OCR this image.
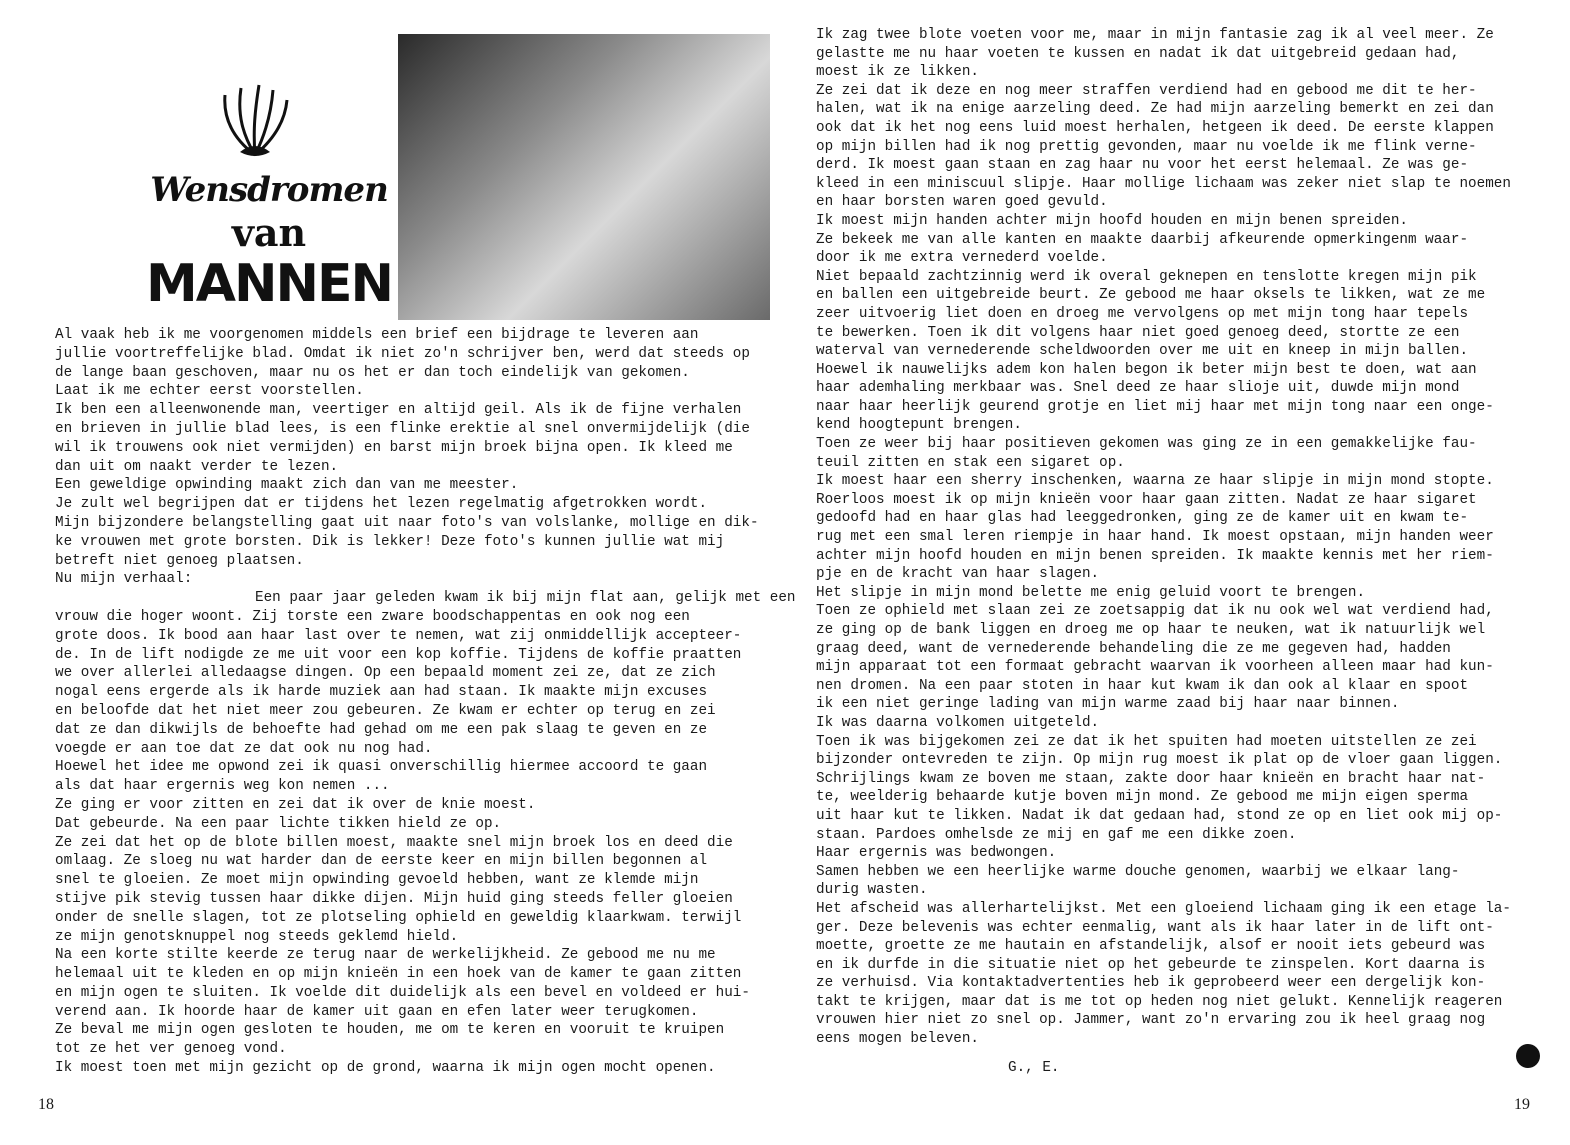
Wensdromen
van
MANNEN
Al vaak heb ik me voorgenomen middels een brief een bijdrage te leveren aan
jullie voortreffelijke blad. Omdat ik niet zo'n schrijver ben, werd dat steeds op
de lange baan geschoven, maar nu os het er dan toch eindelijk van gekomen.
Laat ik me echter eerst voorstellen.
Ik ben een alleenwonende man, veertiger en altijd geil. Als ik de fijne verhalen
en brieven in jullie blad lees, is een flinke erektie al snel onvermijdelijk (die
wil ik trouwens ook niet vermijden) en barst mijn broek bijna open. Ik kleed me
dan uit om naakt verder te lezen.
Een geweldige opwinding maakt zich dan van me meester.
Je zult wel begrijpen dat er tijdens het lezen regelmatig afgetrokken wordt.
Mijn bijzondere belangstelling gaat uit naar foto's van volslanke, mollige en dik-
ke vrouwen met grote borsten. Dik is lekker! Deze foto's kunnen jullie wat mij
betreft niet genoeg plaatsen.
Nu mijn verhaal:
Een paar jaar geleden kwam ik bij mijn flat aan, gelijk met een
vrouw die hoger woont. Zij torste een zware boodschappentas en ook nog een
grote doos. Ik bood aan haar last over te nemen, wat zij onmiddellijk accepteer-
de. In de lift nodigde ze me uit voor een kop koffie. Tijdens de koffie praatten
we over allerlei alledaagse dingen. Op een bepaald moment zei ze, dat ze zich
nogal eens ergerde als ik harde muziek aan had staan. Ik maakte mijn excuses
en beloofde dat het niet meer zou gebeuren. Ze kwam er echter op terug en zei
dat ze dan dikwijls de behoefte had gehad om me een pak slaag te geven en ze
voegde er aan toe dat ze dat ook nu nog had.
Hoewel het idee me opwond zei ik quasi onverschillig hiermee accoord te gaan
als dat haar ergernis weg kon nemen ...
Ze ging er voor zitten en zei dat ik over de knie moest.
Dat gebeurde. Na een paar lichte tikken hield ze op.
Ze zei dat het op de blote billen moest, maakte snel mijn broek los en deed die
omlaag. Ze sloeg nu wat harder dan de eerste keer en mijn billen begonnen al
snel te gloeien. Ze moet mijn opwinding gevoeld hebben, want ze klemde mijn
stijve pik stevig tussen haar dikke dijen. Mijn huid ging steeds feller gloeien
onder de snelle slagen, tot ze plotseling ophield en geweldig klaarkwam. terwijl
ze mijn genotsknuppel nog steeds geklemd hield.
Na een korte stilte keerde ze terug naar de werkelijkheid. Ze gebood me nu me
helemaal uit te kleden en op mijn knieën in een hoek van de kamer te gaan zitten
en mijn ogen te sluiten. Ik voelde dit duidelijk als een bevel en voldeed er hui-
verend aan. Ik hoorde haar de kamer uit gaan en efen later weer terugkomen.
Ze beval me mijn ogen gesloten te houden, me om te keren en vooruit te kruipen
tot ze het ver genoeg vond.
Ik moest toen met mijn gezicht op de grond, waarna ik mijn ogen mocht openen.
Ik zag twee blote voeten voor me, maar in mijn fantasie zag ik al veel meer. Ze
gelastte me nu haar voeten te kussen en nadat ik dat uitgebreid gedaan had,
moest ik ze likken.
Ze zei dat ik deze en nog meer straffen verdiend had en gebood me dit te her-
halen, wat ik na enige aarzeling deed. Ze had mijn aarzeling bemerkt en zei dan
ook dat ik het nog eens luid moest herhalen, hetgeen ik deed. De eerste klappen
op mijn billen had ik nog prettig gevonden, maar nu voelde ik me flink verne-
derd. Ik moest gaan staan en zag haar nu voor het eerst helemaal. Ze was ge-
kleed in een miniscuul slipje. Haar mollige lichaam was zeker niet slap te noemen
en haar borsten waren goed gevuld.
Ik moest mijn handen achter mijn hoofd houden en mijn benen spreiden.
Ze bekeek me van alle kanten en maakte daarbij afkeurende opmerkingenm waar-
door ik me extra vernederd voelde.
Niet bepaald zachtzinnig werd ik overal geknepen en tenslotte kregen mijn pik
en ballen een uitgebreide beurt. Ze gebood me haar oksels te likken, wat ze me
zeer uitvoerig liet doen en droeg me vervolgens op met mijn tong haar tepels
te bewerken. Toen ik dit volgens haar niet goed genoeg deed, stortte ze een
waterval van vernederende scheldwoorden over me uit en kneep in mijn ballen.
Hoewel ik nauwelijks adem kon halen begon ik beter mijn best te doen, wat aan
haar ademhaling merkbaar was. Snel deed ze haar slioje uit, duwde mijn mond
naar haar heerlijk geurend grotje en liet mij haar met mijn tong naar een onge-
kend hoogtepunt brengen.
Toen ze weer bij haar positieven gekomen was ging ze in een gemakkelijke fau-
teuil zitten en stak een sigaret op.
Ik moest haar een sherry inschenken, waarna ze haar slipje in mijn mond stopte.
Roerloos moest ik op mijn knieën voor haar gaan zitten. Nadat ze haar sigaret
gedoofd had en haar glas had leeggedronken, ging ze de kamer uit en kwam te-
rug met een smal leren riempje in haar hand. Ik moest opstaan, mijn handen weer
achter mijn hoofd houden en mijn benen spreiden. Ik maakte kennis met her riem-
pje en de kracht van haar slagen.
Het slipje in mijn mond belette me enig geluid voort te brengen.
Toen ze ophield met slaan zei ze zoetsappig dat ik nu ook wel wat verdiend had,
ze ging op de bank liggen en droeg me op haar te neuken, wat ik natuurlijk wel
graag deed, want de vernederende behandeling die ze me gegeven had, hadden
mijn apparaat tot een formaat gebracht waarvan ik voorheen alleen maar had kun-
nen dromen. Na een paar stoten in haar kut kwam ik dan ook al klaar en spoot
ik een niet geringe lading van mijn warme zaad bij haar naar binnen.
Ik was daarna volkomen uitgeteld.
Toen ik was bijgekomen zei ze dat ik het spuiten had moeten uitstellen ze zei
bijzonder ontevreden te zijn. Op mijn rug moest ik plat op de vloer gaan liggen.
Schrijlings kwam ze boven me staan, zakte door haar knieën en bracht haar nat-
te, weelderig behaarde kutje boven mijn mond. Ze gebood me mijn eigen sperma
uit haar kut te likken. Nadat ik dat gedaan had, stond ze op en liet ook mij op-
staan. Pardoes omhelsde ze mij en gaf me een dikke zoen.
Haar ergernis was bedwongen.
Samen hebben we een heerlijke warme douche genomen, waarbij we elkaar lang-
durig wasten.
Het afscheid was allerhartelijkst. Met een gloeiend lichaam ging ik een etage la-
ger. Deze belevenis was echter eenmalig, want als ik haar later in de lift ont-
moette, groette ze me hautain en afstandelijk, alsof er nooit iets gebeurd was
en ik durfde in die situatie niet op het gebeurde te zinspelen. Kort daarna is
ze verhuisd. Via kontaktadvertenties heb ik geprobeerd weer een dergelijk kon-
takt te krijgen, maar dat is me tot op heden nog niet gelukt. Kennelijk reageren
vrouwen hier niet zo snel op. Jammer, want zo'n ervaring zou ik heel graag nog
eens mogen beleven.
G., E.
18	19
